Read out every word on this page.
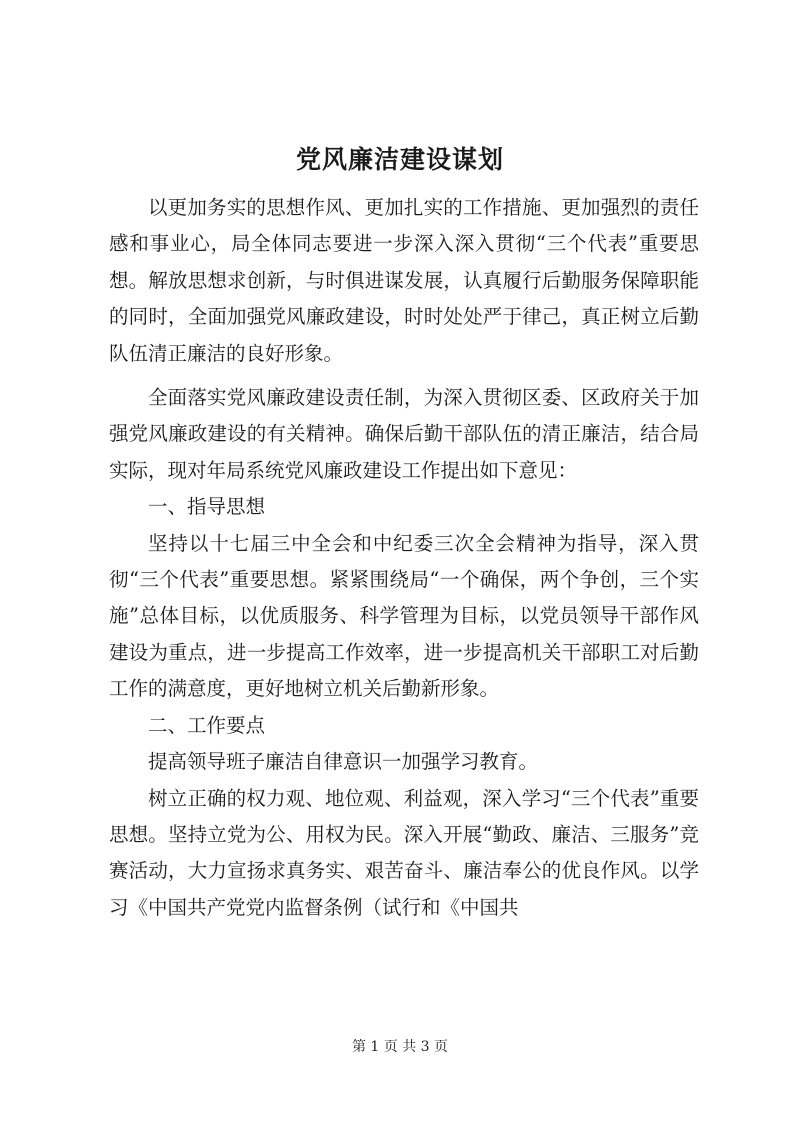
党风廉洁建设谋划

以更加务实的思想作风、更加扎实的工作措施、更加强烈的责任感和事业心，局全体同志要进一步深入深入贯彻“三个代表”重要思想。解放思想求创新，与时俱进谋发展，认真履行后勤服务保障职能的同时，全面加强党风廉政建设，时时处处严于律己，真正树立后勤队伍清正廉洁的良好形象。

全面落实党风廉政建设责任制，为深入贯彻区委、区政府关于加强党风廉政建设的有关精神。确保后勤干部队伍的清正廉洁，结合局实际，现对年局系统党风廉政建设工作提出如下意见：

一、指导思想

坚持以十七届三中全会和中纪委三次全会精神为指导，深入贯彻“三个代表”重要思想。紧紧围绕局“一个确保，两个争创，三个实施”总体目标，以优质服务、科学管理为目标，以党员领导干部作风建设为重点，进一步提高工作效率，进一步提高机关干部职工对后勤工作的满意度，更好地树立机关后勤新形象。

二、工作要点

提高领导班子廉洁自律意识一加强学习教育。

树立正确的权力观、地位观、利益观，深入学习“三个代表”重要思想。坚持立党为公、用权为民。深入开展“勤政、廉洁、三服务”竞赛活动，大力宣扬求真务实、艰苦奋斗、廉洁奉公的优良作风。以学习《中国共产党党内监督条例（试行和《中国共

第 1 页 共 3 页
